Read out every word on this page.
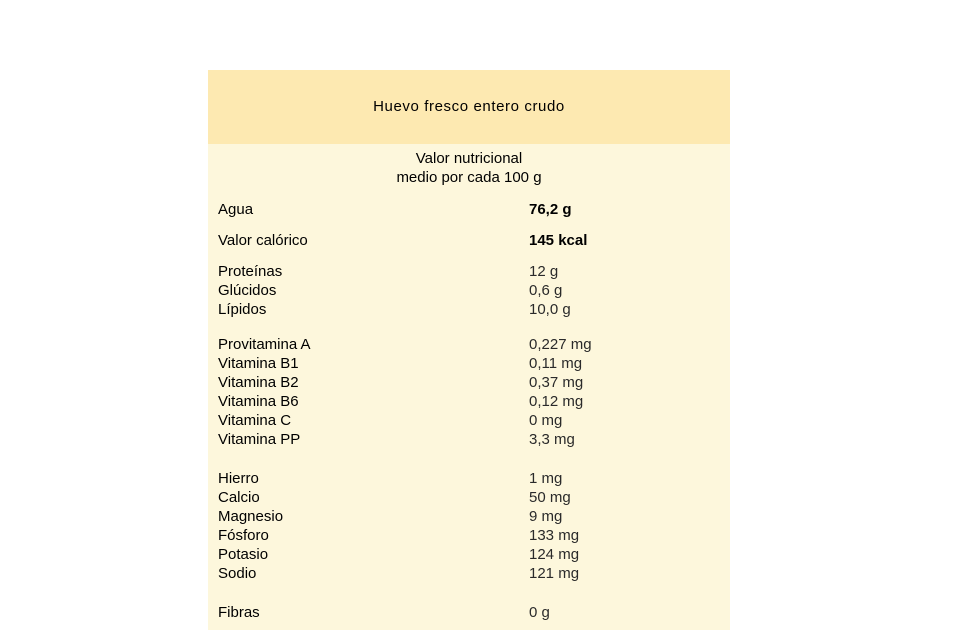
Huevo fresco entero crudo
Valor nutricional
medio por cada 100 g
Agua	76,2 g
Valor calórico	145 kcal
Proteínas	12 g
Glúcidos	0,6 g
Lípidos	10,0 g
Provitamina A	0,227 mg
Vitamina B1	0,11 mg
Vitamina B2	0,37 mg
Vitamina B6	0,12 mg
Vitamina C	0 mg
Vitamina PP	3,3 mg
Hierro	1 mg
Calcio	50 mg
Magnesio	9 mg
Fósforo	133 mg
Potasio	124 mg
Sodio	121 mg
Fibras	0 g
